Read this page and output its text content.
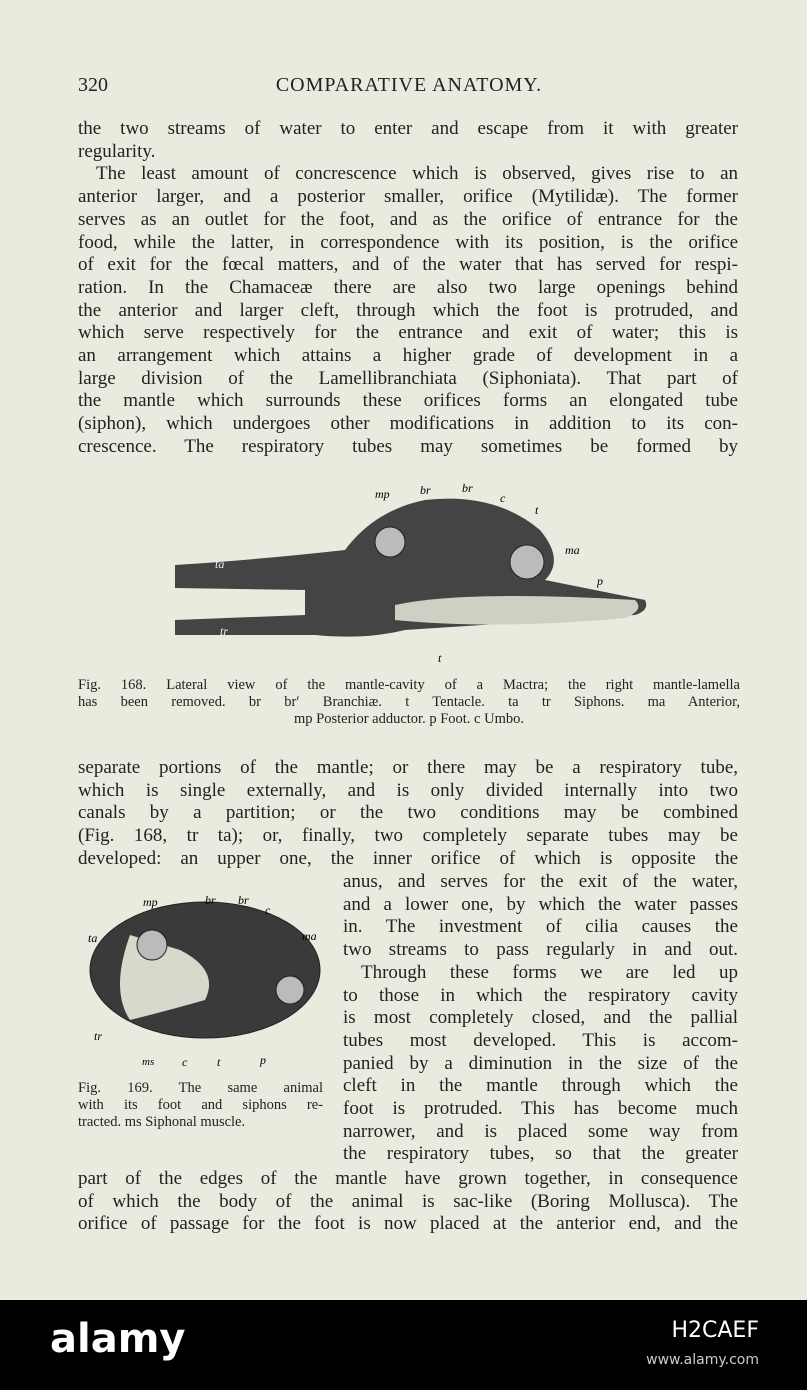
320	COMPARATIVE ANATOMY.
the two streams of water to enter and escape from it with greater
regularity.
The least amount of concrescence which is observed, gives rise to an
anterior larger, and a posterior smaller, orifice (Mytilidæ). The former
serves as an outlet for the foot, and as the orifice of entrance for the
food, while the latter, in correspondence with its position, is the orifice
of exit for the fœcal matters, and of the water that has served for respi-
ration. In the Chamaceæ there are also two large openings behind
the anterior and larger cleft, through which the foot is protruded, and
which serve respectively for the entrance and exit of water; this is
an arrangement which attains a higher grade of development in a
large division of the Lamellibranchiata (Siphoniata). That part of
the mantle which surrounds these orifices forms an elongated tube
(siphon), which undergoes other modifications in addition to its con-
crescence. The respiratory tubes may sometimes be formed by
mp	br	br
c
t
ma
ta
p
tr
t
Fig. 168. Lateral view of the mantle-cavity of a Mactra; the right mantle-lamella
has been removed. br br′ Branchiæ. t Tentacle. ta tr Siphons. ma Anterior,
mp Posterior adductor. p Foot. c Umbo.
separate portions of the mantle; or there may be a respiratory tube,
which is single externally, and is only divided internally into two
canals by a partition; or the two conditions may be combined
(Fig. 168, tr ta); or, finally, two completely separate tubes may be
developed: an upper one, the inner orifice of which is opposite the
anus, and serves for the exit of the water,
and a lower one, by which the water passes
in. The investment of cilia causes the
two streams to pass regularly in and out.
Through these forms we are led up
to those in which the respiratory cavity
is most completely closed, and the pallial
tubes most developed. This is accom-
panied by a diminution in the size of the
cleft in the mantle through which the
foot is protruded. This has become much
narrower, and is placed some way from
the respiratory tubes, so that the greater
mp	br br
c
ma
ta
tr
ms c t	p
Fig. 169. The same animal
with its foot and siphons re-
tracted. ms Siphonal muscle.
part of the edges of the mantle have grown together, in consequence
of which the body of the animal is sac-like (Boring Mollusca). The
orifice of passage for the foot is now placed at the anterior end, and the
alamy	H2CAEF
www.alamy.com
